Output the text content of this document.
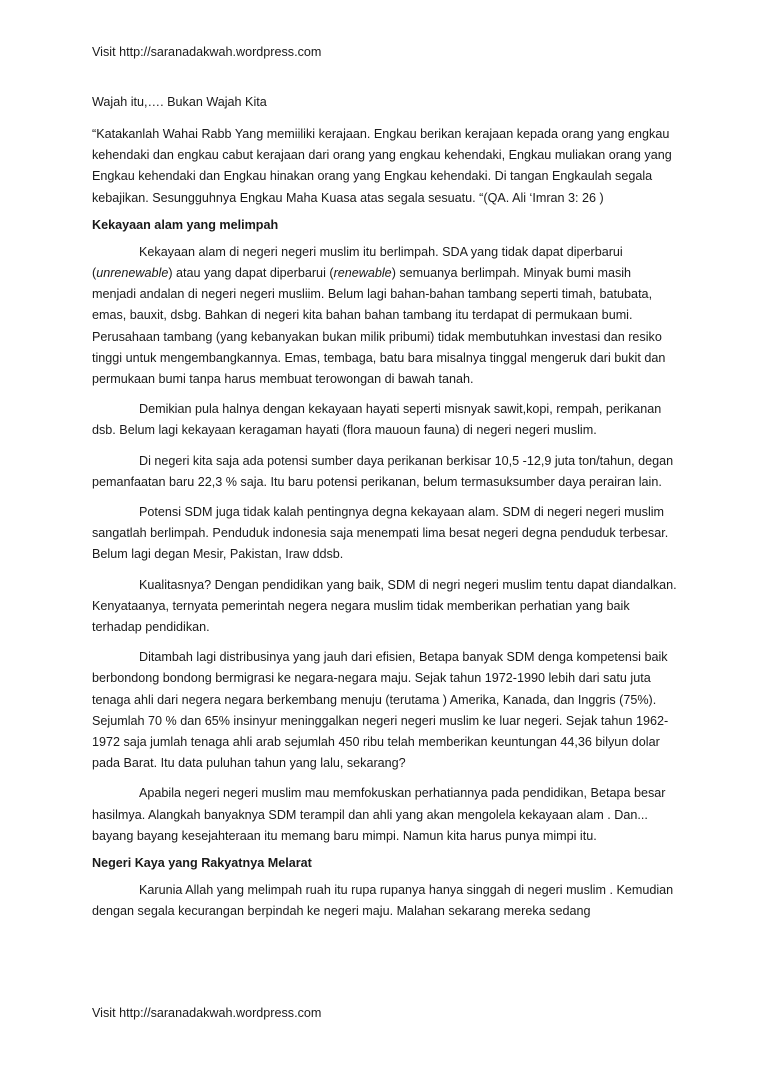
Visit http://saranadakwah.wordpress.com
Wajah itu,…. Bukan Wajah Kita

“Katakanlah Wahai Rabb Yang memiiliki kerajaan. Engkau berikan kerajaan kepada orang yang engkau kehendaki dan engkau cabut kerajaan dari orang yang engkau kehendaki, Engkau muliakan orang yang Engkau kehendaki dan Engkau hinakan orang yang Engkau kehendaki. Di tangan Engkaulah segala kebajikan. Sesungguhnya Engkau Maha Kuasa atas segala sesuatu. “(QA. Ali ‘Imran 3: 26 )

Kekayaan alam yang melimpah

Kekayaan alam di negeri negeri muslim itu berlimpah. SDA yang tidak dapat diperbarui (unrenewable) atau yang dapat diperbarui (renewable) semuanya berlimpah. Minyak bumi masih menjadi andalan di negeri negeri musliim. Belum lagi bahan-bahan tambang seperti timah, batubata, emas, bauxit, dsbg. Bahkan di negeri kita bahan bahan tambang itu terdapat di permukaan bumi. Perusahaan tambang (yang kebanyakan bukan milik pribumi) tidak membutuhkan investasi dan resiko tinggi untuk mengembangkannya. Emas, tembaga, batu bara misalnya tinggal mengeruk dari bukit dan permukaan bumi tanpa harus membuat terowongan di bawah tanah.

Demikian pula halnya dengan kekayaan hayati seperti misnyak sawit,kopi, rempah, perikanan dsb. Belum lagi kekayaan keragaman hayati (flora mauoun fauna) di negeri negeri muslim.

Di negeri kita saja ada potensi sumber daya perikanan berkisar 10,5 -12,9 juta ton/tahun, degan pemanfaatan baru 22,3 % saja. Itu baru potensi perikanan, belum termasuksumber daya perairan lain.

Potensi SDM juga tidak kalah pentingnya degna kekayaan alam. SDM di negeri negeri muslim sangatlah berlimpah. Penduduk indonesia saja menempati lima besat negeri degna penduduk terbesar. Belum lagi degan Mesir, Pakistan, Iraw ddsb.

Kualitasnya? Dengan pendidikan yang baik, SDM di negri negeri muslim tentu dapat diandalkan. Kenyataanya, ternyata pemerintah negera negara muslim tidak memberikan perhatian yang baik terhadap pendidikan.

Ditambah lagi distribusinya yang jauh dari efisien, Betapa banyak SDM denga kompetensi baik berbondong bondong bermigrasi ke negara-negara maju. Sejak tahun 1972-1990 lebih dari satu juta tenaga ahli dari negera negara berkembang menuju (terutama ) Amerika, Kanada, dan Inggris (75%). Sejumlah 70 % dan 65% insinyur meninggalkan negeri negeri muslim ke luar negeri. Sejak tahun 1962-1972 saja jumlah tenaga ahli arab sejumlah 450 ribu telah memberikan keuntungan 44,36 bilyun dolar pada Barat. Itu data puluhan tahun yang lalu, sekarang?

Apabila negeri negeri muslim mau memfokuskan perhatiannya pada pendidikan, Betapa besar hasilmya. Alangkah banyaknya SDM terampil dan ahli yang akan mengolela kekayaan alam . Dan... bayang bayang kesejahteraan itu memang baru mimpi. Namun kita harus punya mimpi itu.

Negeri Kaya yang Rakyatnya Melarat

Karunia Allah yang melimpah ruah itu rupa rupanya hanya singgah di negeri muslim . Kemudian dengan segala kecurangan berpindah ke negeri maju. Malahan sekarang mereka sedang

Visit http://saranadakwah.wordpress.com
